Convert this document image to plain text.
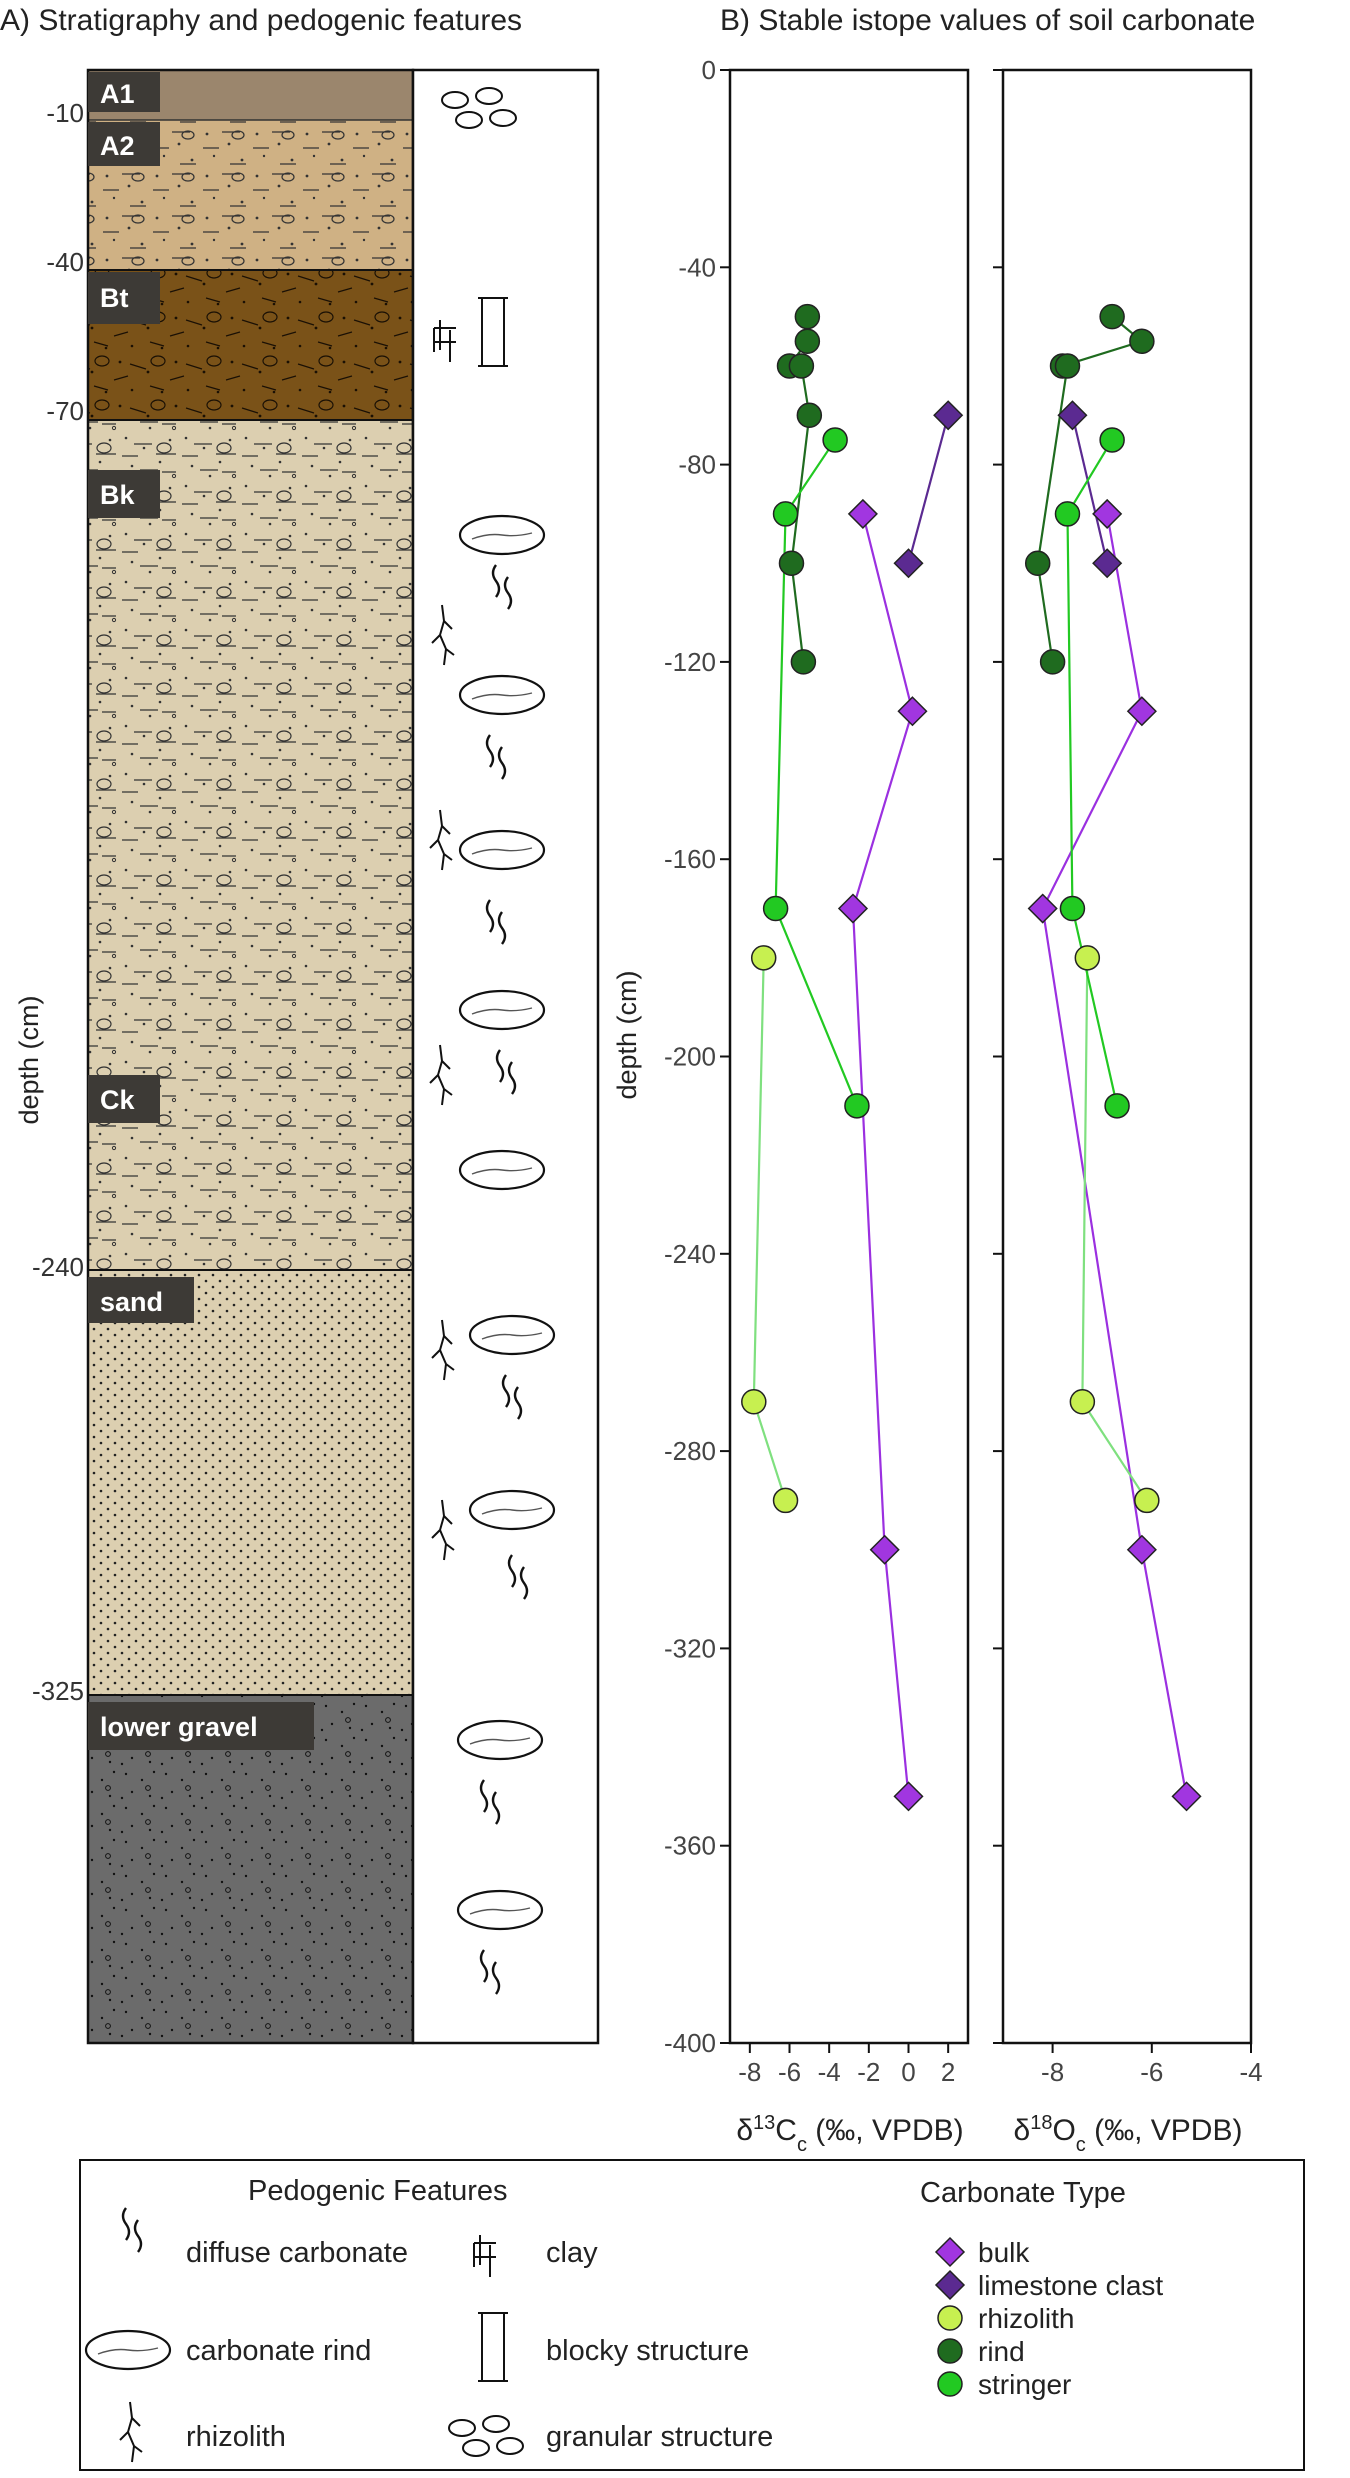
A) Stratigraphy and pedogenic features
A1
A2
Bt
Bk
Ck
sand
lower gravel
-10
-40
-70
-240
-325
depth (cm)
B) Stable istope values of soil carbonate
depth (cm)
0
-40
-80
-120
-160
-200
-240
-280
-320
-360
-400
-8 -6 -4 -2 0 2	-8	-6	-4
$\delta^{13}C_c$ (‰, VPDB) $\delta^{18}O_c$ (‰, VPDB)
Pedogenic Features
diffuse carbonate	clay
carbonate rind	blocky structure
rhizolith	granular structure
Carbonate Type
bulk
limestone clast
rhizolith
rind
stringer
